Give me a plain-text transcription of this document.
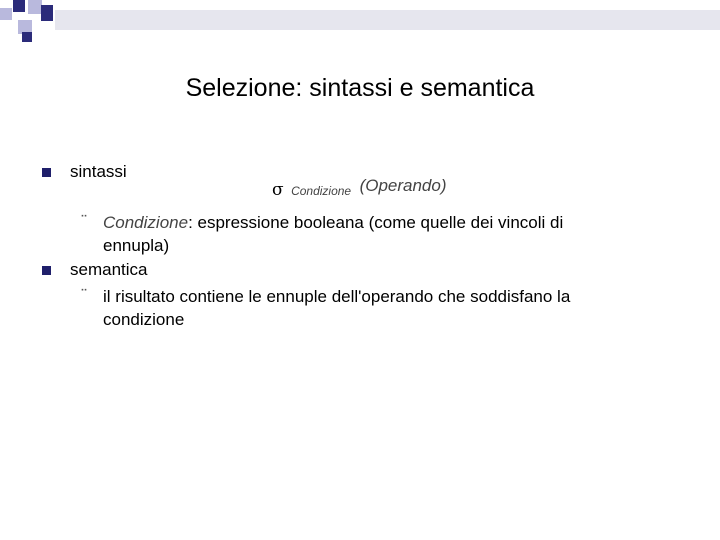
Selezione: sintassi e semantica
sintassi
σ Condizione (Operando)
¨ Condizione: espressione booleana (come quelle dei vincoli di
ennupla)
semantica
¨ il risultato contiene le ennuple dell'operando che soddisfano la
condizione
